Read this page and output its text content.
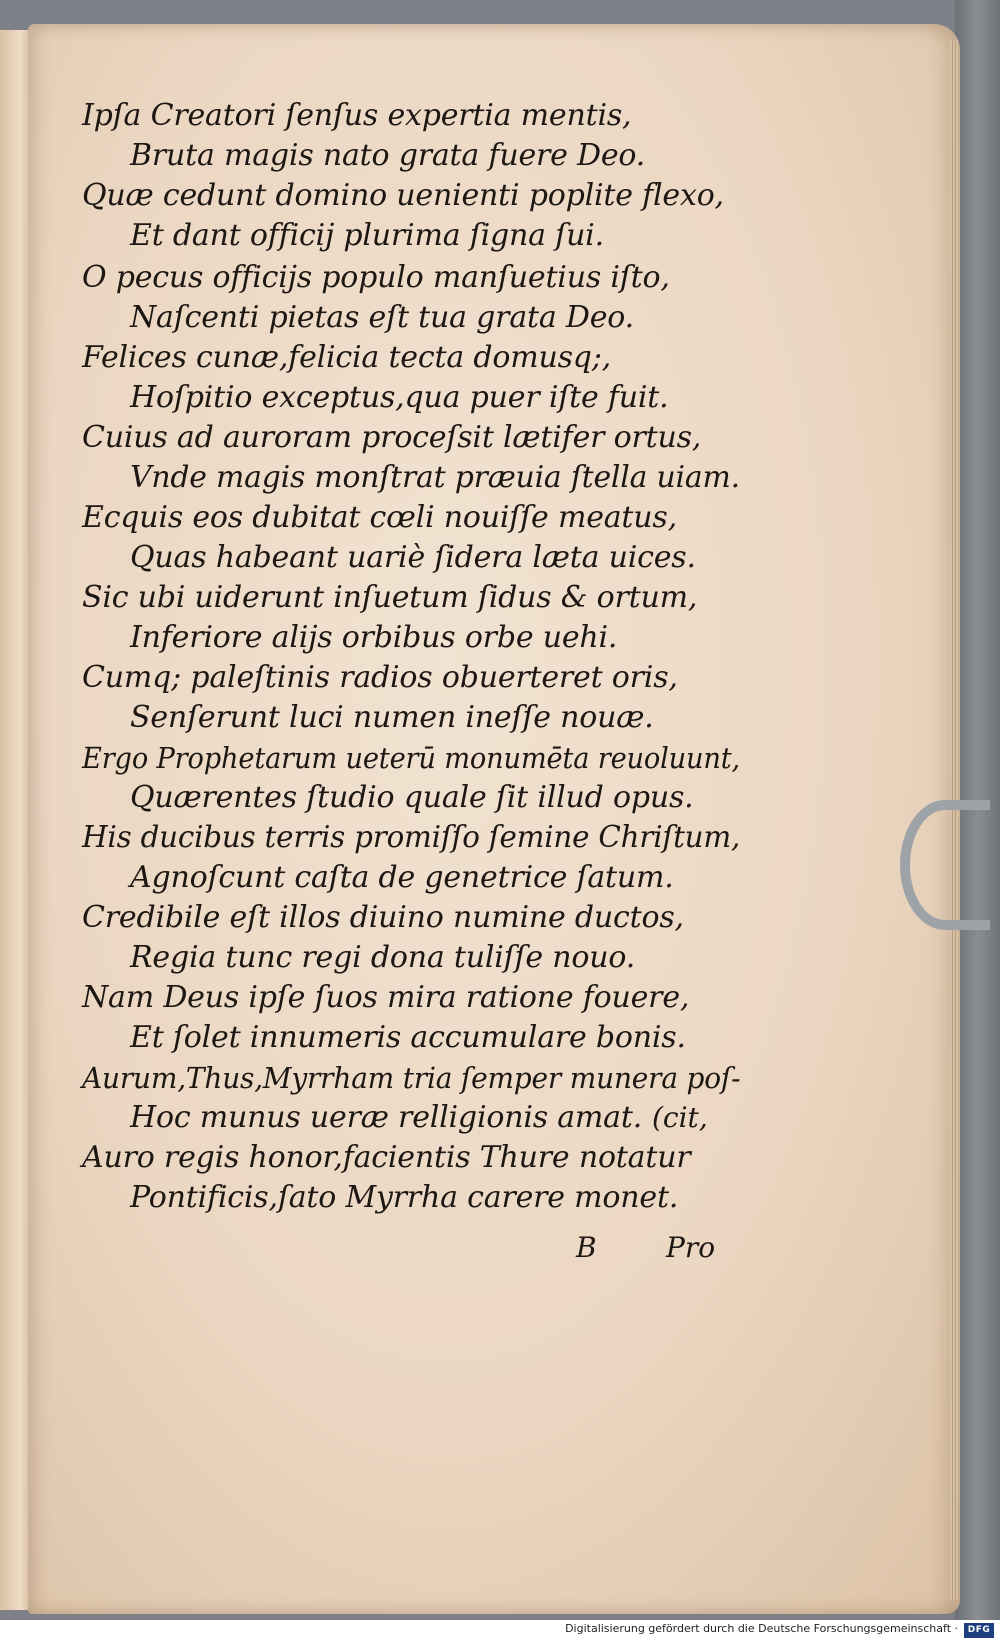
Ipſa Creatori ſenſus expertia mentis,
Bruta magis nato grata fuere Deo.
Quæ cedunt domino uenienti poplite flexo,
Et dant officij plurima ſigna ſui.
O pecus officijs populo manſuetius iſto,
Naſcenti pietas eſt tua grata Deo.
Felices cunæ,felicia tecta domusq;,
Hoſpitio exceptus,qua puer iſte fuit.
Cuius ad auroram proceſsit lætifer ortus,
Vnde magis monſtrat præuia ſtella uiam.
Ecquis eos dubitat cœli nouiſſe meatus,
Quas habeant uariè ſidera læta uices.
Sic ubi uiderunt inſuetum ſidus & ortum,
Inferiore alijs orbibus orbe uehi.
Cumq; paleſtinis radios obuerteret oris,
Senſerunt luci numen ineſſe nouæ.
Ergo Prophetarum ueterū monumēta reuoluunt,
Quærentes ſtudio quale ſit illud opus.
His ducibus terris promiſſo ſemine Chriſtum,
Agnoſcunt caſta de genetrice ſatum.
Credibile eſt illos diuino numine ductos,
Regia tunc regi dona tuliſſe nouo.
Nam Deus ipſe ſuos mira ratione fouere,
Et ſolet innumeris accumulare bonis.
Aurum,Thus,Myrrham tria ſemper munera poſ-
Hoc munus ueræ relligionis amat. (cit,
Auro regis honor,facientis Thure notatur
Pontificis,ſato Myrrha carere monet.
B Pro
Digitalisierung gefördert durch die Deutsche Forschungsgemeinschaft ·	DFG
